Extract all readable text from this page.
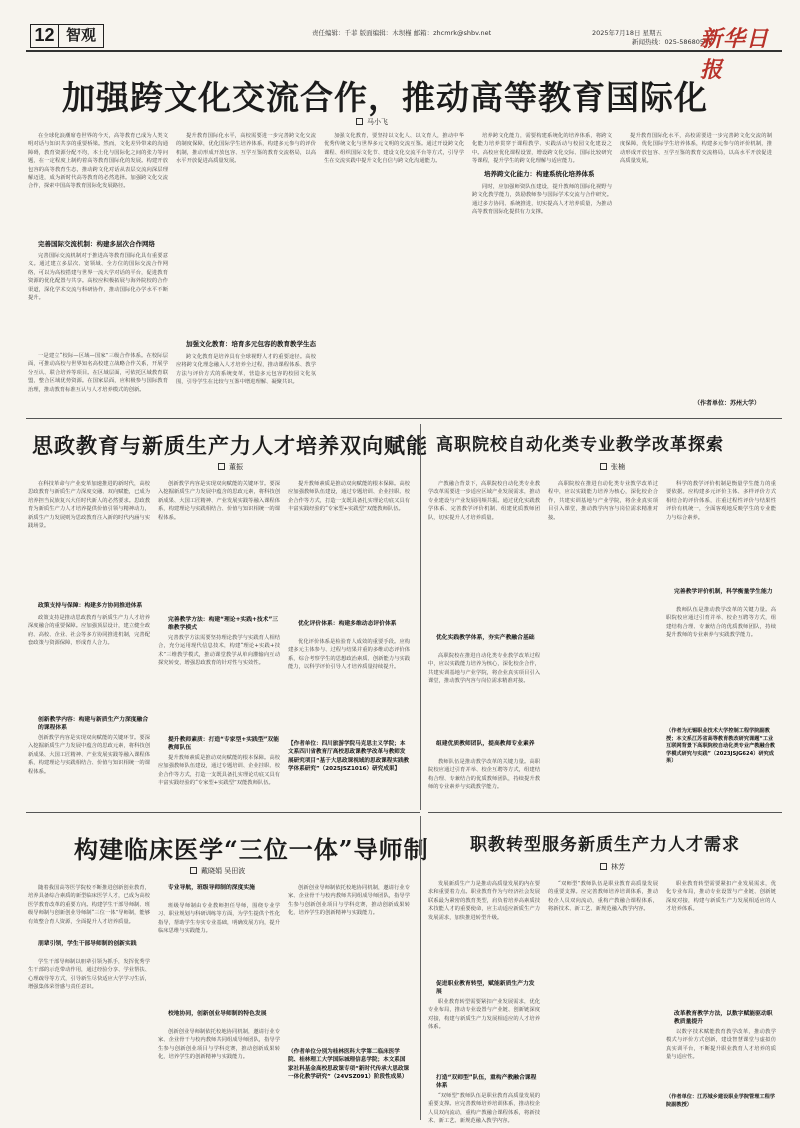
12 智观	责任编辑：千菲 版面编辑：木坝槿 邮箱：zhcmrk@shbv.net	2025年7月18日 星期五
新闻热线：025-58680542
新华日报
加强跨文化交流合作，推动高等教育国际化
马小飞
在全球化浪潮席卷世界的今天，高等教育已成为人类文明对话与知识共享的重要桥梁。然而，文化差异带来的沟通障碍，教育资源分配不均，本土化与国际化之间的张力等问题，在一定程度上制约着高等教育国际化的发展。构建开放包容的高等教育生态，推动跨文化对话从表层交流向深层理解迈进，成为新时代高等教育的必然选择。加强跨文化交流合作，探索中国高等教育国际化发展路径。
完善国际交流机制：构建多层次合作网络
完善国际交流机制对于推进高等教育国际化具有重要意义。通过建立多层次、宽领域、全方位的国际交流合作网络，可以为高校搭建与世界一流大学对话的平台，促进教育资源的优化配置与共享。高校应积极拓展与海外院校的合作渠道，深化学术交流与科研协作，推动国际化办学水平不断提升。
一是建立“校际—区域—国家”三级合作体系。在校际层面，可推动高校与世界知名高校建立战略合作关系，开展学分互认、联合培养等项目。在区域层面，可依托区域教育联盟，整合区域优势资源。在国家层面，应积极参与国际教育治理，推动教育标准互认与人才培养模式的创新。
提升教育国际化水平，高校需要进一步完善跨文化交流的制度保障，优化国际学生培养体系，构建多元参与的评价机制，推动形成开放包容、互学互鉴的教育交流格局，以高水平开放促进高质量发展。
加强文化教育：培育多元包容的教育教学生态
跨文化教育是培养具有全球视野人才的重要途径。高校应将跨文化理念融入人才培养全过程，推动课程体系、教学方法与评价方式的系统变革，营造多元包容的校园文化氛围，引导学生在比较与互鉴中增进理解、凝聚共识。
加强文化教育，要坚持以文化人、以文育人，推动中华优秀传统文化与世界多元文明的交流互鉴。通过开设跨文化课程、组织国际文化节、建设文化交流平台等方式，引导学生在交流实践中提升文化自信与跨文化沟通能力。
培养跨文化能力，需要构建系统化的培养体系，将跨文化能力培养贯穿于课程教学、实践活动与校园文化建设之中。高校应优化课程设置，增设跨文化交际、国际比较研究等课程，提升学生的跨文化理解与适应能力。
培养跨文化能力：构建系统化培养体系
同时，应加强师资队伍建设，提升教师的国际化视野与跨文化教学能力，鼓励教师参与国际学术交流与合作研究。通过多方协同、系统推进，切实提高人才培养质量，为推动高等教育国际化提供有力支撑。
提升教育国际化水平，高校需要进一步完善跨文化交流的制度保障，优化国际学生培养体系，构建多元参与的评价机制，推动形成开放包容、互学互鉴的教育交流格局，以高水平开放促进高质量发展。
（作者单位：苏州大学）
思政教育与新质生产力人才培养双向赋能
董振
在科技革命与产业变革加速推进的新时代，高校思政教育与新质生产力深度交融、双向赋能，已成为培养担当民族复兴大任时代新人的必然要求。思政教育为新质生产力人才培养提供价值引领与精神动力，新质生产力发展则为思政教育注入新的时代内涵与实践场景。
政策支持与保障：构建多方协同推进体系
政策支持是推动思政教育与新质生产力人才培养深度融合的重要保障。应加强顶层设计，建立健全政府、高校、企业、社会等多方协同推进机制，完善配套政策与资源保障，形成育人合力。
创新教学内容：构建与新质生产力深度融合的课程体系
创新教学内容是实现双向赋能的关键环节。要深入挖掘新质生产力发展中蕴含的思政元素，将科技创新成果、大国工匠精神、产业发展实践等融入课程体系，构建理论与实践相结合、价值与知识相统一的课程体系。
创新教学内容是实现双向赋能的关键环节。要深入挖掘新质生产力发展中蕴含的思政元素，将科技创新成果、大国工匠精神、产业发展实践等融入课程体系，构建理论与实践相结合、价值与知识相统一的课程体系。
完善教学方法：构建“理论+实践+技术”三维教学模式
完善教学方法需要坚持理论教学与实践育人相结合，充分运用现代信息技术，构建“理论+实践+技术”三维教学模式，推动课堂教学从单向灌输向互动探究转变，增强思政教育的针对性与实效性。
提升教师素质：打造“专家型+实践型”双能教师队伍
提升教师素质是推动双向赋能的根本保障。高校应加强教师队伍建设，通过专题培训、企业挂职、校企合作等方式，打造一支既具备扎实理论功底又具有丰富实践经验的“专家型+实践型”双能教师队伍。
提升教师素质是推动双向赋能的根本保障。高校应加强教师队伍建设，通过专题培训、企业挂职、校企合作等方式，打造一支既具备扎实理论功底又具有丰富实践经验的“专家型+实践型”双能教师队伍。
优化评价体系：构建多维动态评价体系
优化评价体系是检验育人成效的重要手段。应构建多元主体参与、过程与结果并重的多维动态评价体系，综合考察学生的思想政治素质、创新能力与实践能力，以科学评价引导人才培养质量持续提升。
【作者单位：四川旅游学院马克思主义学院；本文系四川省教育厅高校思政课教学改革与教师发展研究项目“基于大思政课视域的思政课程实践教学体系研究”（2025JSZ1016）研究成果】
高职院校自动化类专业教学改革探索
张楠
产教融合背景下，高职院校自动化类专业教学改革需要进一步适应区域产业发展需求，推动专业建设与产业发展同频共振。通过优化实践教学体系、完善教学评价机制、组建优质教师团队，切实提升人才培养质量。
优化实践教学体系，夯实产教融合基础
高职院校在推进自动化类专业教学改革过程中，应以实践能力培养为核心，深化校企合作，共建实训基地与产业学院，将企业真实项目引入课堂，推动教学内容与岗位需求精准对接。
组建优质教师团队，提高教师专业素养
教师队伍是推动教学改革的关键力量。高职院校应通过引育并举、校企互聘等方式，组建结构合理、专兼结合的优质教师团队，持续提升教师的专业素养与实践教学能力。
高职院校在推进自动化类专业教学改革过程中，应以实践能力培养为核心，深化校企合作，共建实训基地与产业学院，将企业真实项目引入课堂，推动教学内容与岗位需求精准对接。
科学的教学评价机制是衡量学生能力的重要依据。应构建多元评价主体、多样评价方式相结合的评价体系，注重过程性评价与结果性评价有机统一，全面客观地反映学生的专业能力与综合素养。
完善教学评价机制，科学衡量学生能力
教师队伍是推动教学改革的关键力量。高职院校应通过引育并举、校企互聘等方式，组建结构合理、专兼结合的优质教师团队，持续提升教师的专业素养与实践教学能力。
（作者为无锡职业技术大学控制工程学院副教授；本文系江苏省高等教育教改研究课题“工业互联网背景下高职院校自动化类专业产教融合教学模式研究与实践”（2023JSJG624）研究成果）
构建临床医学“三位一体”导师制
戴晓娟 吴田波
随着我国高等医学院校不断推进创新创业教育，培养具备综合素质的新型临床医学人才，已成为高校医学教育改革的重要方向。构建学生干部导师制、班级导师制与创新创业导师制“三位一体”导师制，能够有效整合育人资源，全面提升人才培养质量。
朋辈引领，学生干部导师制的创新实践
学生干部导师制以朋辈引领为抓手，发挥优秀学生干部的示范带动作用，通过经验分享、学业帮扶、心理疏导等方式，引导新生尽快适应大学学习生活，增强集体荣誉感与责任意识。
专业导航，班级导师制的深度实施
班级导师制由专业教师担任导师，围绕专业学习、职业规划与科研训练等方面，为学生提供个性化指导，帮助学生夯实专业基础，明确发展方向，提升临床思维与实践能力。
校地协同，创新创业导师制的特色发展
创新创业导师制依托校地协同机制，邀请行业专家、企业骨干与校内教师共同组成导师团队，指导学生参与创新创业项目与学科竞赛，推动创新成果转化，培养学生的创新精神与实践能力。
创新创业导师制依托校地协同机制，邀请行业专家、企业骨干与校内教师共同组成导师团队，指导学生参与创新创业项目与学科竞赛，推动创新成果转化，培养学生的创新精神与实践能力。
（作者单位分别为桂林医科大学第二临床医学院、桂林理工大学国际城理信息学院；本文系国家社科基金高校思政课专项“新时代传承大思政课一体化教学研究”（24VSZ091）阶段性成果）
职教转型服务新质生产力人才需求
林芳
发展新质生产力是推动高质量发展的内在要求和重要着力点。职业教育作为与经济社会发展联系最为紧密的教育类型，肩负着培养高素质技术技能人才的重要使命，应主动适应新质生产力发展需求，加快推进转型升级。
促进职业教育转型，赋能新质生产力发展
职业教育转型需要紧扣产业发展需求，优化专业布局，推动专业设置与产业链、创新链深度对接，构建与新质生产力发展相适应的人才培养体系。
打造“双师型”队伍，重构产教融合课程体系
“双师型”教师队伍是职业教育高质量发展的重要支撑。应完善教师培养培训体系，推动校企人员双向流动，重构产教融合课程体系，将新技术、新工艺、新规范融入教学内容。
“双师型”教师队伍是职业教育高质量发展的重要支撑。应完善教师培养培训体系，推动校企人员双向流动，重构产教融合课程体系，将新技术、新工艺、新规范融入教学内容。
职业教育转型需要紧扣产业发展需求，优化专业布局，推动专业设置与产业链、创新链深度对接，构建与新质生产力发展相适应的人才培养体系。
改革教育教学方法，以数字赋能驱动职教质量提升
以数字技术赋能教育教学改革，推动教学模式与评价方式创新，建设智慧课堂与虚拟仿真实训平台，不断提升职业教育人才培养的质量与适应性。
（作者单位：江苏城乡建设职业学院管理工程学院副教授）
